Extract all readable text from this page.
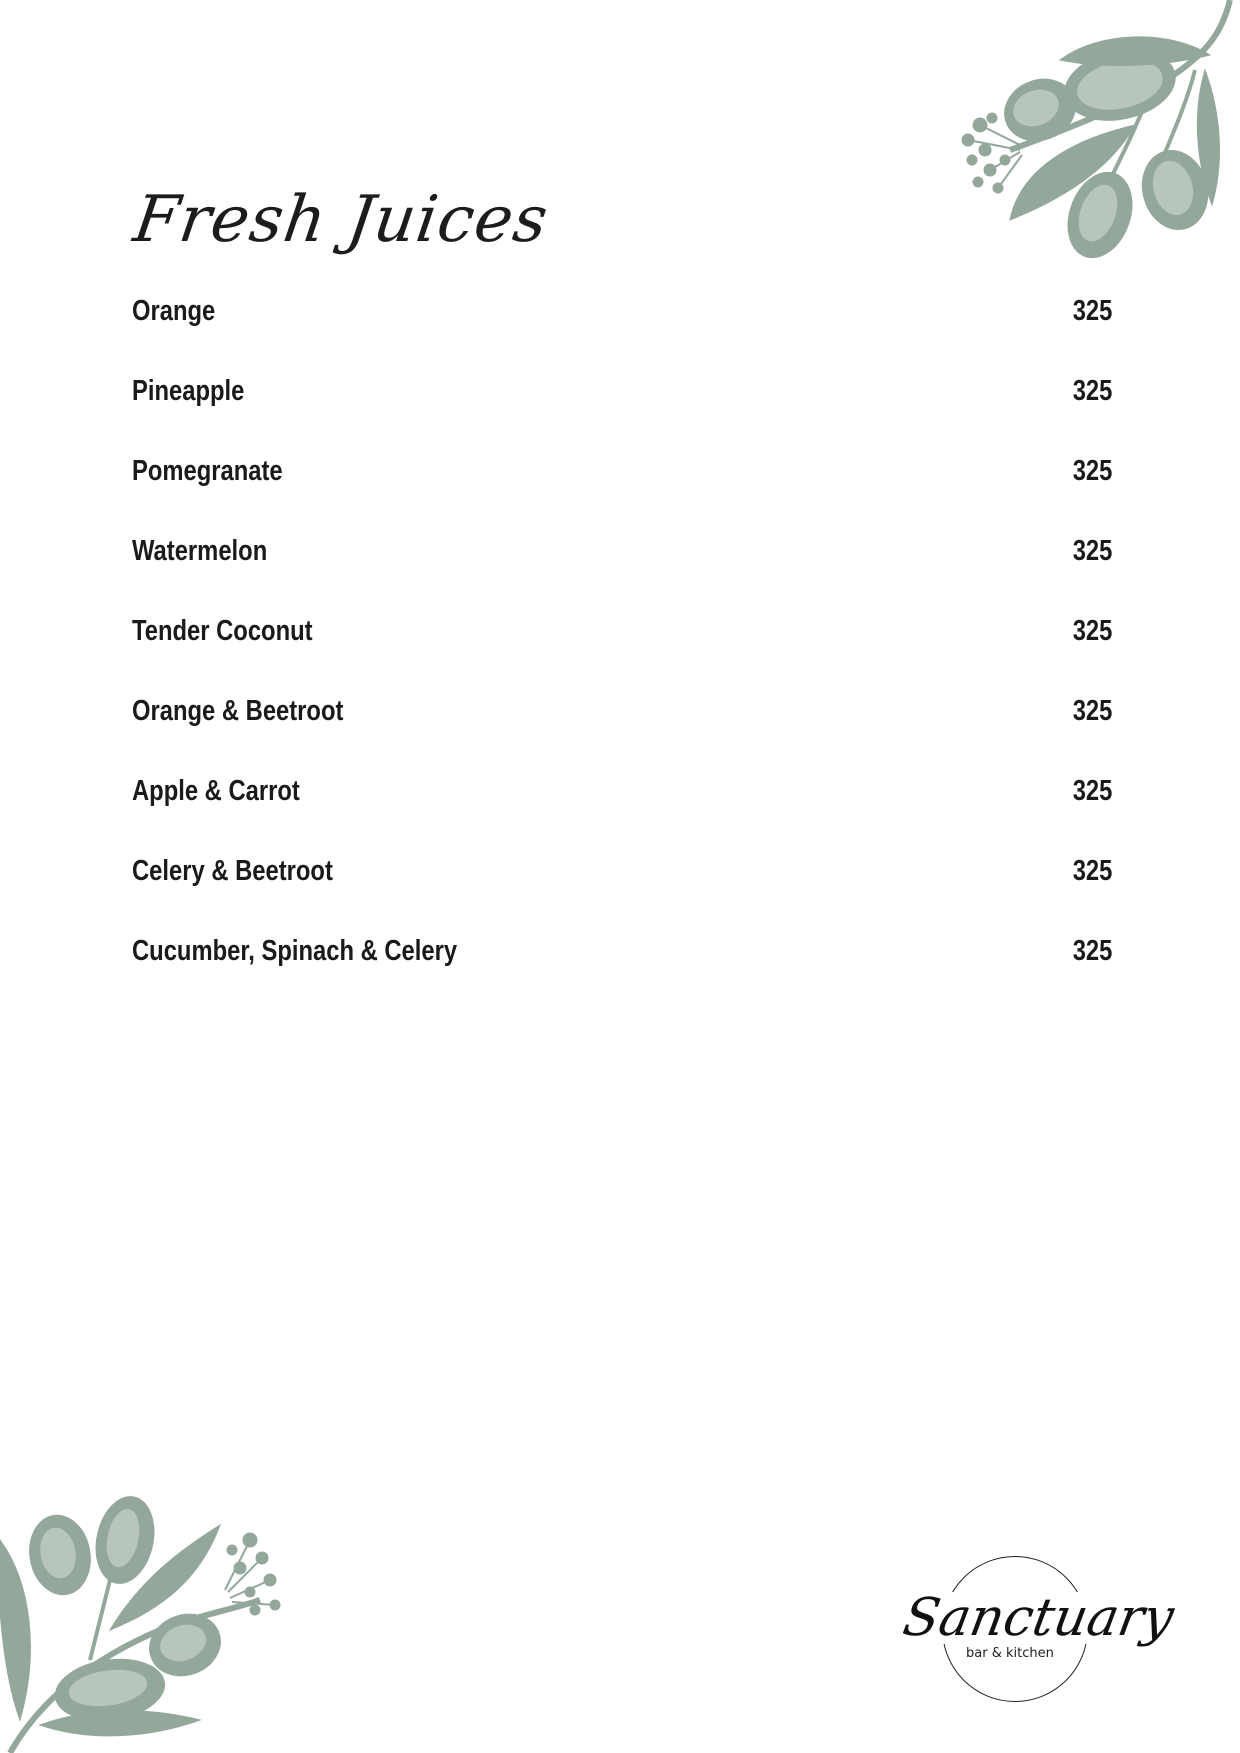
Fresh Juices
Orange	325
Pineapple	325
Pomegranate	325
Watermelon	325
Tender Coconut	325
Orange & Beetroot	325
Apple & Carrot	325
Celery & Beetroot	325
Cucumber, Spinach & Celery	325
Sanctuary
bar & kitchen
